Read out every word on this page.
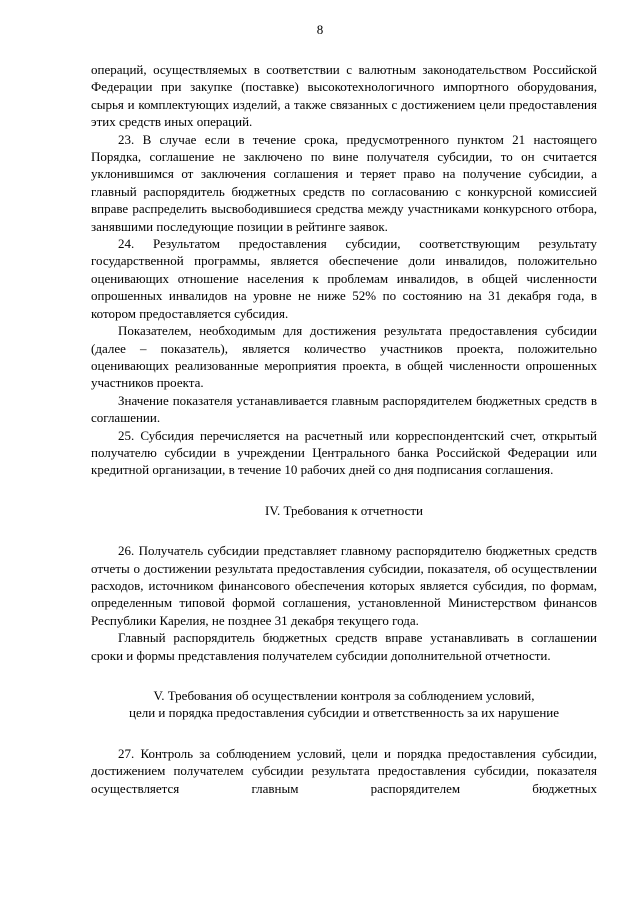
8

операций, осуществляемых в соответствии с валютным законодательством Российской Федерации при закупке (поставке) высокотехнологичного импортного оборудования, сырья и комплектующих изделий, а также связанных с достижением цели предоставления этих средств иных операций.

23. В случае если в течение срока, предусмотренного пунктом 21 настоящего Порядка, соглашение не заключено по вине получателя субсидии, то он считается уклонившимся от заключения соглашения и теряет право на получение субсидии, а главный распорядитель бюджетных средств по согласованию с конкурсной комиссией вправе распределить высвободившиеся средства между участниками конкурсного отбора, занявшими последующие позиции в рейтинге заявок.

24. Результатом предоставления субсидии, соответствующим результату государственной программы, является обеспечение доли инвалидов, положительно оценивающих отношение населения к проблемам инвалидов, в общей численности опрошенных инвалидов на уровне не ниже 52% по состоянию на 31 декабря года, в котором предоставляется субсидия.

Показателем, необходимым для достижения результата предоставления субсидии (далее – показатель), является количество участников проекта, положительно оценивающих реализованные мероприятия проекта, в общей численности опрошенных участников проекта.

Значение показателя устанавливается главным распорядителем бюджетных средств в соглашении.

25. Субсидия перечисляется на расчетный или корреспондентский счет, открытый получателю субсидии в учреждении Центрального банка Российской Федерации или кредитной организации, в течение 10 рабочих дней со дня подписания соглашения.

IV. Требования к отчетности

26. Получатель субсидии представляет главному распорядителю бюджетных средств отчеты о достижении результата предоставления субсидии, показателя, об осуществлении расходов, источником финансового обеспечения которых является субсидия, по формам, определенным типовой формой соглашения, установленной Министерством финансов Республики Карелия, не позднее 31 декабря текущего года.

Главный распорядитель бюджетных средств вправе устанавливать в соглашении сроки и формы представления получателем субсидии дополнительной отчетности.

V. Требования об осуществлении контроля за соблюдением условий,
цели и порядка предоставления субсидии и ответственность за их нарушение

27. Контроль за соблюдением условий, цели и порядка предоставления субсидии, достижением получателем субсидии результата предоставления субсидии, показателя осуществляется главным распорядителем бюджетных
